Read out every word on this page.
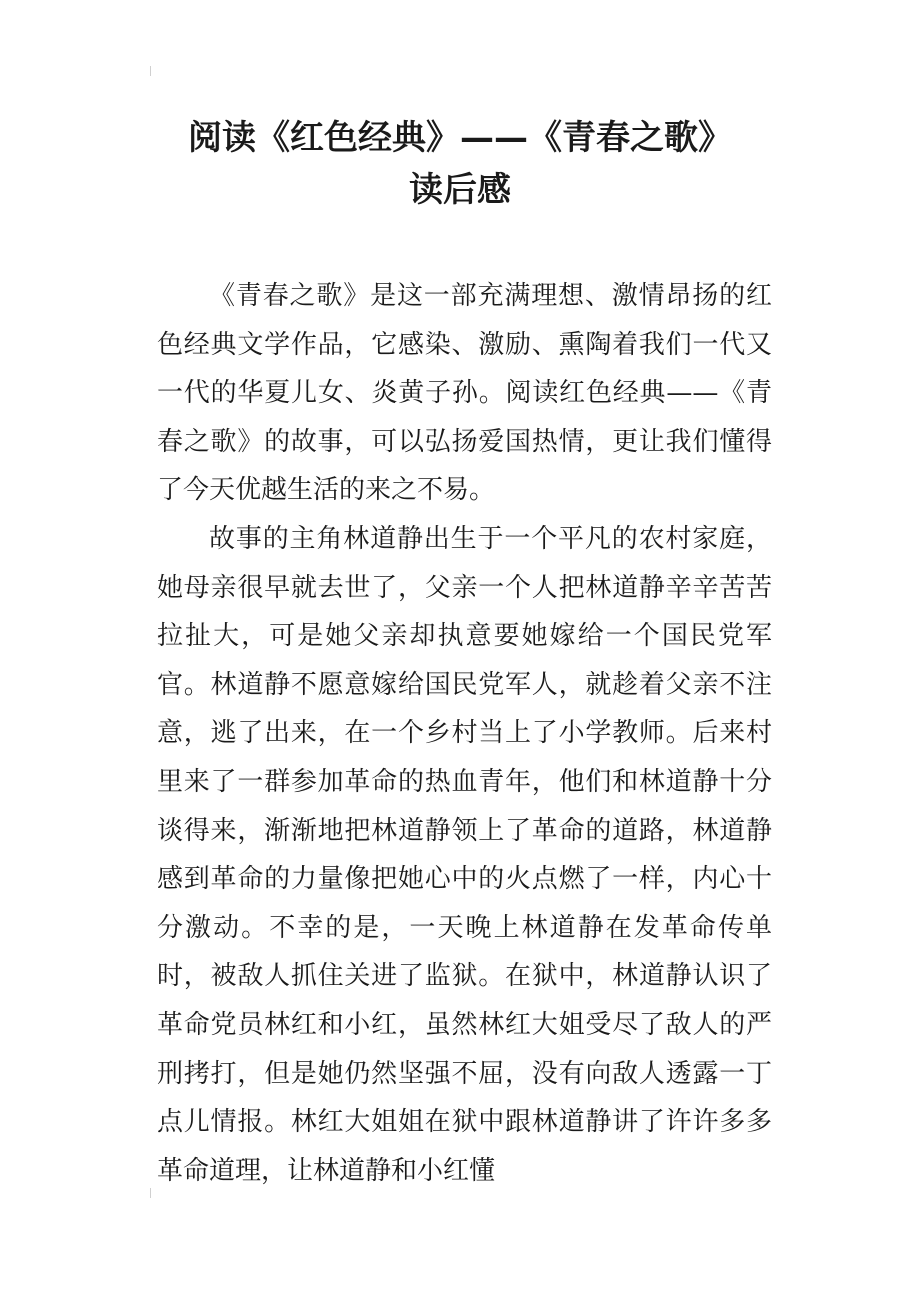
阅读《红色经典》——《青春之歌》
读后感

《青春之歌》是这一部充满理想、激情昂扬的红色经典文学作品，它感染、激励、熏陶着我们一代又一代的华夏儿女、炎黄子孙。阅读红色经典——《青春之歌》的故事，可以弘扬爱国热情，更让我们懂得了今天优越生活的来之不易。

故事的主角林道静出生于一个平凡的农村家庭，她母亲很早就去世了，父亲一个人把林道静辛辛苦苦拉扯大，可是她父亲却执意要她嫁给一个国民党军官。林道静不愿意嫁给国民党军人，就趁着父亲不注意，逃了出来，在一个乡村当上了小学教师。后来村里来了一群参加革命的热血青年，他们和林道静十分谈得来，渐渐地把林道静领上了革命的道路，林道静感到革命的力量像把她心中的火点燃了一样，内心十分激动。不幸的是，一天晚上林道静在发革命传单时，被敌人抓住关进了监狱。在狱中，林道静认识了革命党员林红和小红，虽然林红大姐受尽了敌人的严刑拷打，但是她仍然坚强不屈，没有向敌人透露一丁点儿情报。林红大姐姐在狱中跟林道静讲了许许多多革命道理，让林道静和小红懂
